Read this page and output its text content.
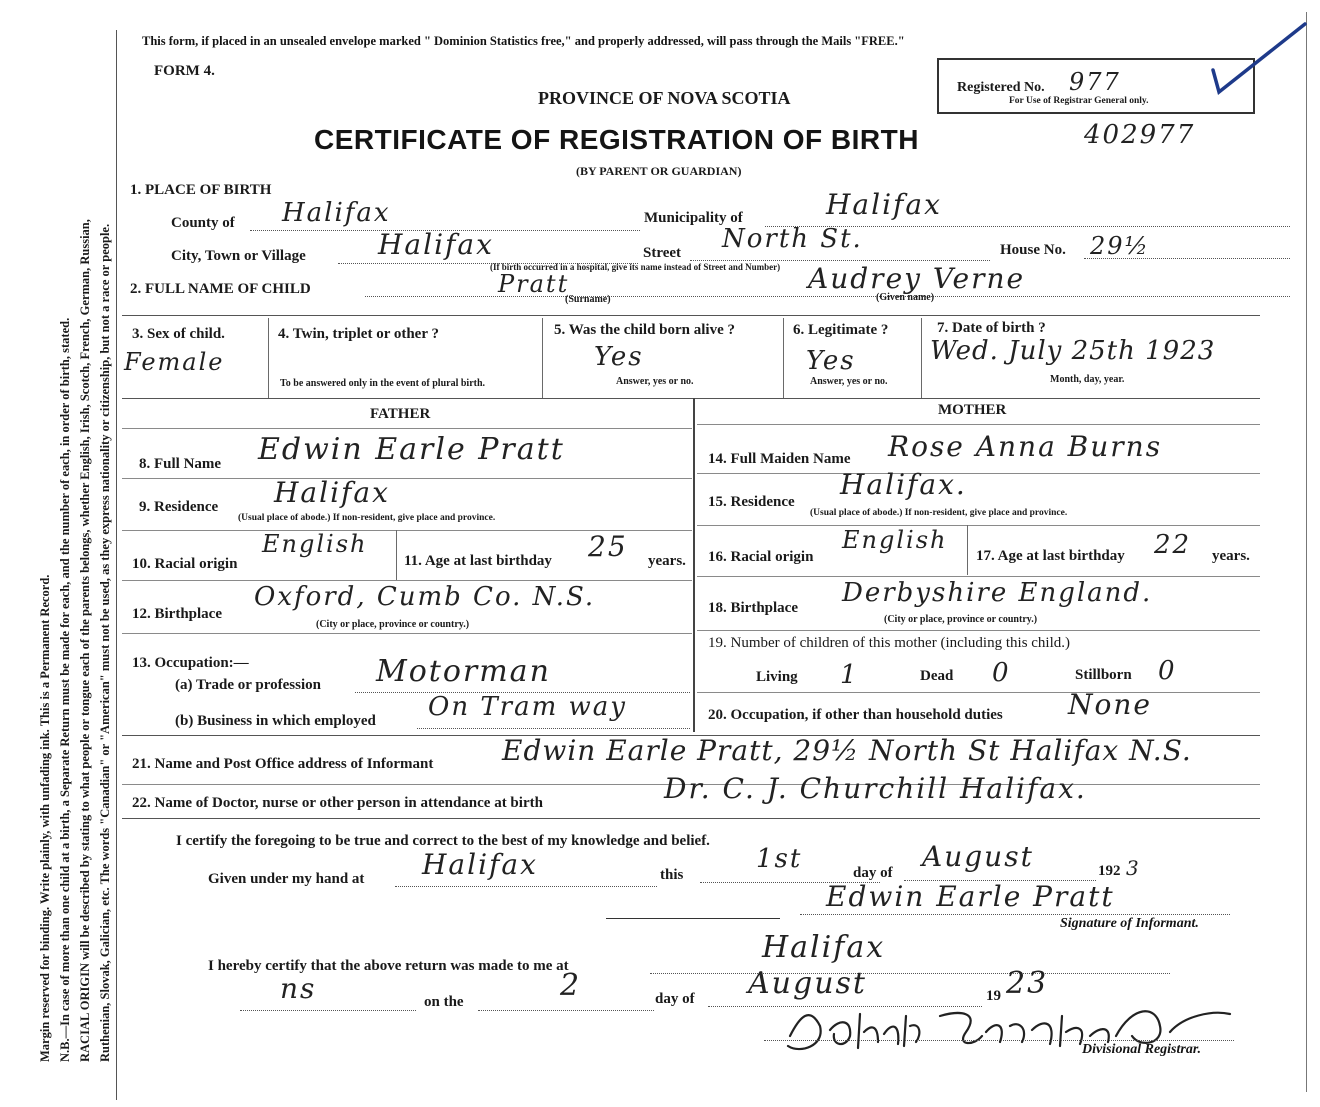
Margin reserved for binding. Write plainly, with unfading ink. This is a Permanent Record. N.B.—In case of more than one child at a birth, a Separate Return must be made for each, and the number of each, in order of birth, stated. RACIAL ORIGIN will be described by stating to what people or tongue each of the parents belongs, whether English, Irish, Scotch, French, German, Russian, Ruthenian, Slovak, Galician, etc. The words "Canadian" or "American" must not be used, as they express nationality or citizenship, but not a race or people.
This form, if placed in an unsealed envelope marked " Dominion Statistics free," and properly addressed, will pass through the Mails "FREE."
FORM 4.
PROVINCE OF NOVA SCOTIA
CERTIFICATE OF REGISTRATION OF BIRTH
(BY PARENT OR GUARDIAN)
402977
Registered No. 977
For Use of Registrar General only.
1. PLACE OF BIRTH
County of Halifax	Municipality of	Halifax
City, Town or Village	Halifax	Street North St.	House No. 29½
(If birth occurred in a hospital, give its name instead of Street and Number)
2. FULL NAME OF CHILD	Pratt
(Surname)
Audrey Verne
(Given name)
3. Sex of child.
Female
4. Twin, triplet or other ?
To be answered only in the event of plural birth.
5. Was the child born alive ?
Yes
Answer, yes or no.
6. Legitimate ?
Yes
Answer, yes or no.
7. Date of birth ?
Wed. July 25th 1923
Month, day, year.
FATHER	MOTHER
8. Full Name Edwin Earle Pratt
9. Residence Halifax
(Usual place of abode.) If non-resident, give place and province.
10. Racial origin
English
11. Age at last birthday 25 years.
12. Birthplace
Oxford, Cumb Co. N.S.
(City or place, province or country.)
13. Occupation:—
(a) Trade or profession Motorman
(b) Business in which employed On Tram way
14. Full Maiden Name Rose Anna Burns
15. Residence
Halifax.
(Usual place of abode.) If non-resident, give place and province.
16. Racial origin
English
17. Age at last birthday 22 years.
18. Birthplace Derbyshire England.
(City or place, province or country.)
19. Number of children of this mother (including this child.)
Living 1	Dead 0	Stillborn 0
20. Occupation, if other than household duties None
21. Name and Post Office address of Informant Edwin Earle Pratt, 29½ North St Halifax N.S.
22. Name of Doctor, nurse or other person in attendance at birth	Dr. C. J. Churchill Halifax.
I certify the foregoing to be true and correct to the best of my knowledge and belief.
Given under my hand at Halifax	this
1st	day of August	192 3
Edwin Earle Pratt
Signature of Informant.
I hereby certify that the above return was made to me at
Halifax
ns	on the	2	day of August	19 23
Divisional Registrar.
